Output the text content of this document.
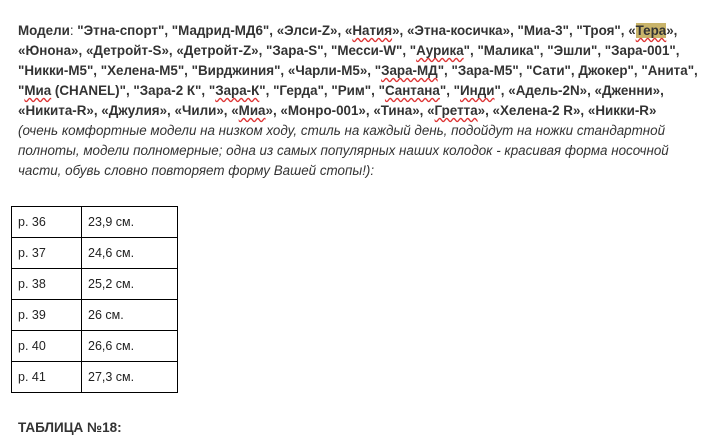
Модели: "Этна-спорт", "Мадрид-МД6", «Элси-Z», «Натия», «Этна-косичка», "Миа-3", "Троя", «Тера», «Юнона», «Детройт-S», «Детройт-Z», "Зара-S", "Месси-W", "Аурика", "Малика", "Эшли", "Зара-001", "Никки-M5", "Хелена-M5", "Вирджиния", «Чарли-M5», "Зара-МД", "Зара-M5", "Сати", Джокер", "Анита", "Миа (CHANEL)", "Зара-2 К", "Зара-К", "Герда", "Рим", "Сантана", "Инди", «Адель-2N», «Дженни», «Никита-R», «Джулия», «Чили», «Миа», «Монро-001», «Тина», «Гретта», «Хелена-2 R», «Никки-R» (очень комфортные модели на низком ходу, стиль на каждый день, подойдут на ножки стандартной полноты, модели полномерные; одна из самых популярных наших колодок - красивая форма носочной части, обувь словно повторяет форму Вашей стопы!):
р. 36	23,9 см.
р. 37	24,6 см.
р. 38	25,2 см.
р. 39	26 см.
р. 40	26,6 см.
р. 41	27,3 см.
ТАБЛИЦА №18:
